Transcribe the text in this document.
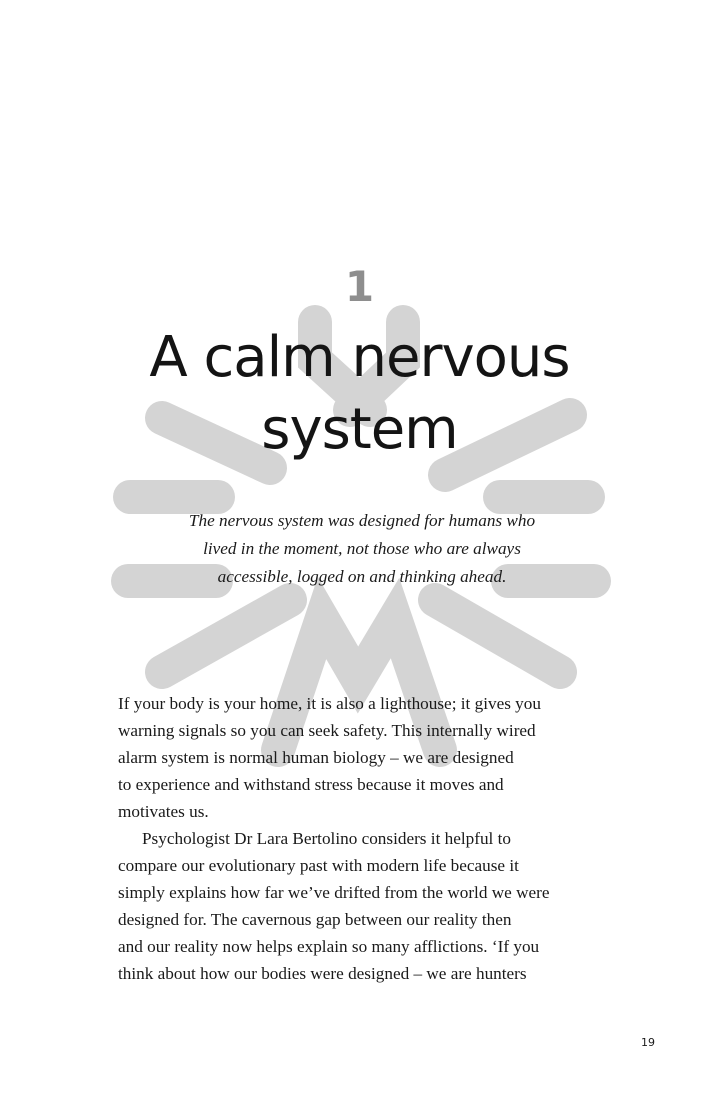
1
A calm nervous
system

The nervous system was designed for humans who
lived in the moment, not those who are always
accessible, logged on and thinking ahead.

If your body is your home, it is also a lighthouse; it gives you
warning signals so you can seek safety. This internally wired
alarm system is normal human biology – we are designed
to experience and withstand stress because it moves and
motivates us.
Psychologist Dr Lara Bertolino considers it helpful to
compare our evolutionary past with modern life because it
simply explains how far we’ve drifted from the world we were
designed for. The cavernous gap between our reality then
and our reality now helps explain so many afflictions. ‘If you
think about how our bodies were designed – we are hunters
19
